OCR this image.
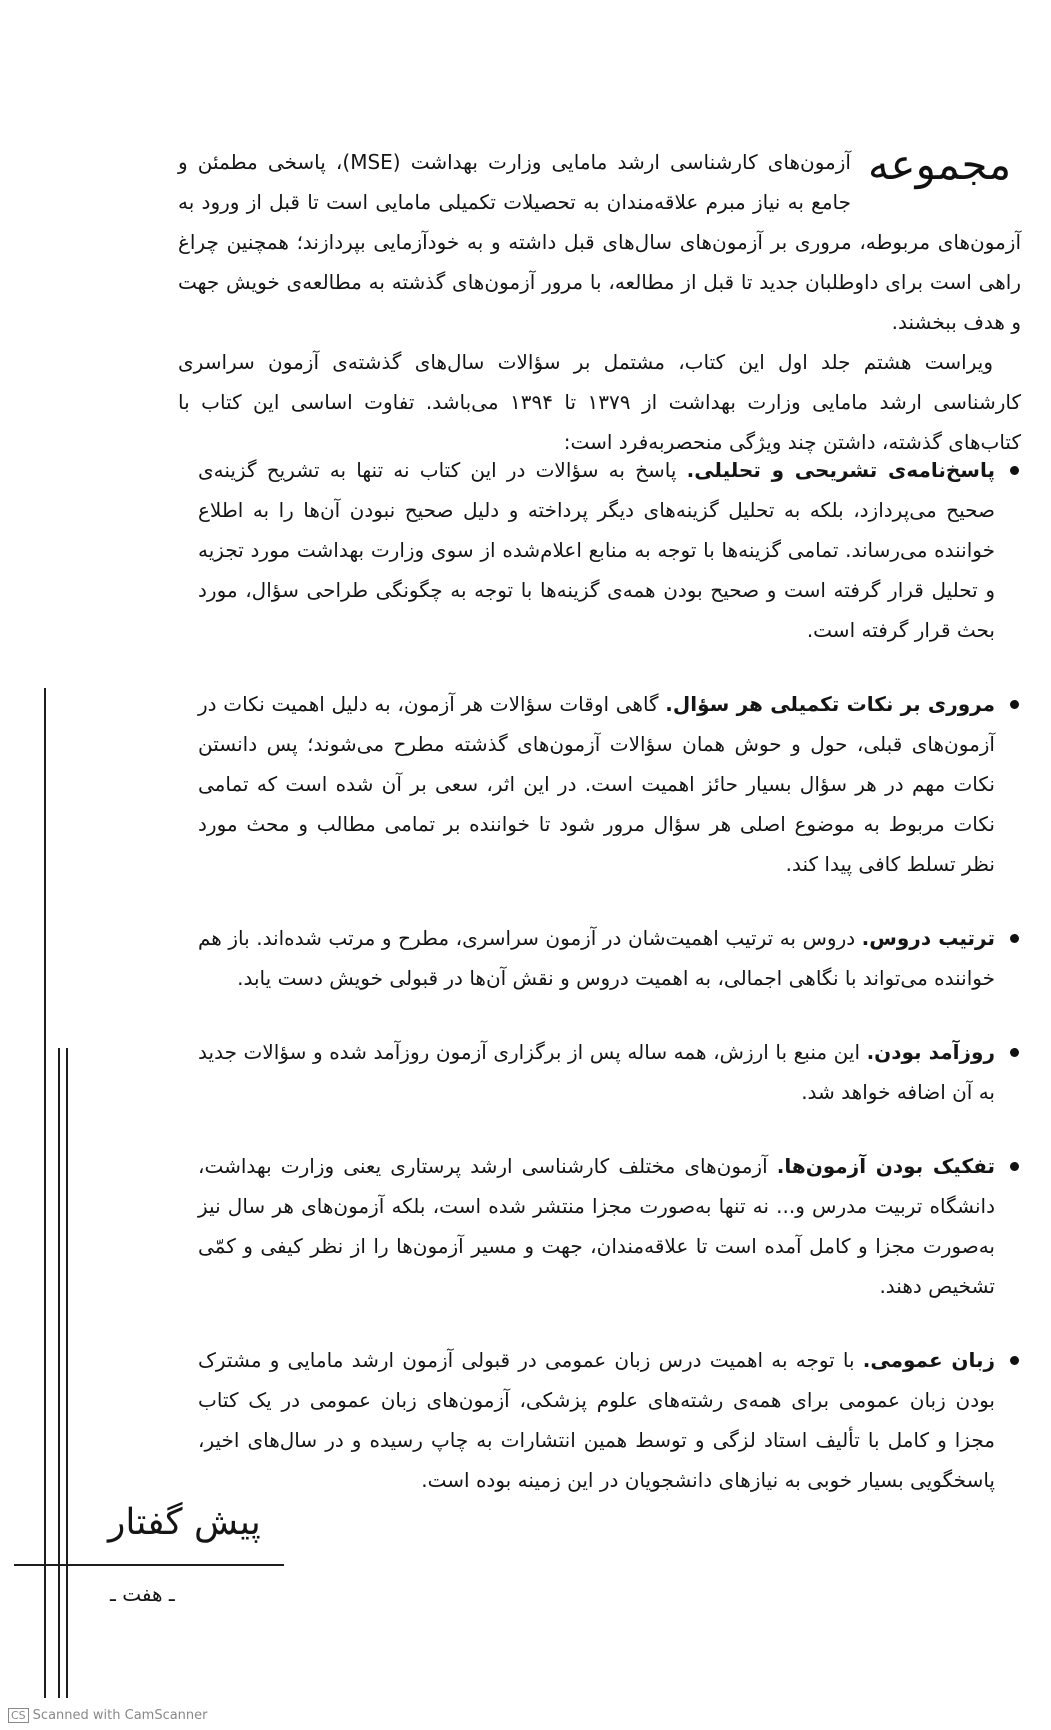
مجموعه

آزمون‌های کارشناسی ارشد مامایی وزارت بهداشت (MSE)، پاسخی مطمئن و جامع به نیاز مبرم علاقه‌مندان به تحصیلات تکمیلی مامایی است تا قبل از ورود به آزمون‌های مربوطه، مروری بر آزمون‌های سال‌های قبل داشته و به خودآزمایی بپردازند؛ همچنین چراغ راهی است برای داوطلبان جدید تا قبل از مطالعه، با مرور آزمون‌های گذشته به مطالعه‌ی خویش جهت و هدف ببخشند.

ویراست هشتم جلد اول این کتاب، مشتمل بر سؤالات سال‌های گذشته‌ی آزمون سراسری کارشناسی ارشد مامایی وزارت بهداشت از ۱۳۷۹ تا ۱۳۹۴ می‌باشد. تفاوت اساسی این کتاب با کتاب‌های گذشته، داشتن چند ویژگی منحصربه‌فرد است:

پاسخ‌نامه‌ی تشریحی و تحلیلی. پاسخ به سؤالات در این کتاب نه تنها به تشریح گزینه‌ی صحیح می‌پردازد، بلکه به تحلیل گزینه‌های دیگر پرداخته و دلیل صحیح نبودن آن‌ها را به اطلاع خواننده می‌رساند. تمامی گزینه‌ها با توجه به منابع اعلام‌شده از سوی وزارت بهداشت مورد تجزیه و تحلیل قرار گرفته است و صحیح بودن همه‌ی گزینه‌ها با توجه به چگونگی طراحی سؤال، مورد بحث قرار گرفته است.
مروری بر نکات تکمیلی هر سؤال. گاهی اوقات سؤالات هر آزمون، به دلیل اهمیت نکات در آزمون‌های قبلی، حول و حوش همان سؤالات آزمون‌های گذشته مطرح می‌شوند؛ پس دانستن نکات مهم در هر سؤال بسیار حائز اهمیت است. در این اثر، سعی بر آن شده است که تمامی نکات مربوط به موضوع اصلی هر سؤال مرور شود تا خواننده بر تمامی مطالب و محث مورد نظر تسلط کافی پیدا کند.
ترتیب دروس. دروس به ترتیب اهمیت‌شان در آزمون سراسری، مطرح و مرتب شده‌اند. باز هم خواننده می‌تواند با نگاهی اجمالی، به اهمیت دروس و نقش آن‌ها در قبولی خویش دست یابد.
روزآمد بودن. این منبع با ارزش، همه ساله پس از برگزاری آزمون روزآمد شده و سؤالات جدید به آن اضافه خواهد شد.
تفکیک بودن آزمون‌ها. آزمون‌های مختلف کارشناسی ارشد پرستاری یعنی وزارت بهداشت، دانشگاه تربیت مدرس و... نه تنها به‌صورت مجزا منتشر شده است، بلکه آزمون‌های هر سال نیز به‌صورت مجزا و کامل آمده است تا علاقه‌مندان، جهت و مسیر آزمون‌ها را از نظر کیفی و کمّی تشخیص دهند.
زبان عمومی. با توجه به اهمیت درس زبان عمومی در قبولی آزمون ارشد مامایی و مشترک بودن زبان عمومی برای همه‌ی رشته‌های علوم پزشکی، آزمون‌های زبان عمومی در یک کتاب مجزا و کامل با تألیف استاد لزگی و توسط همین انتشارات به چاپ رسیده و در سال‌های اخیر، پاسخگویی بسیار خوبی به نیازهای دانشجویان در این زمینه بوده است.
پیش گفتار
ـ هفت ـ
CS Scanned with CamScanner
